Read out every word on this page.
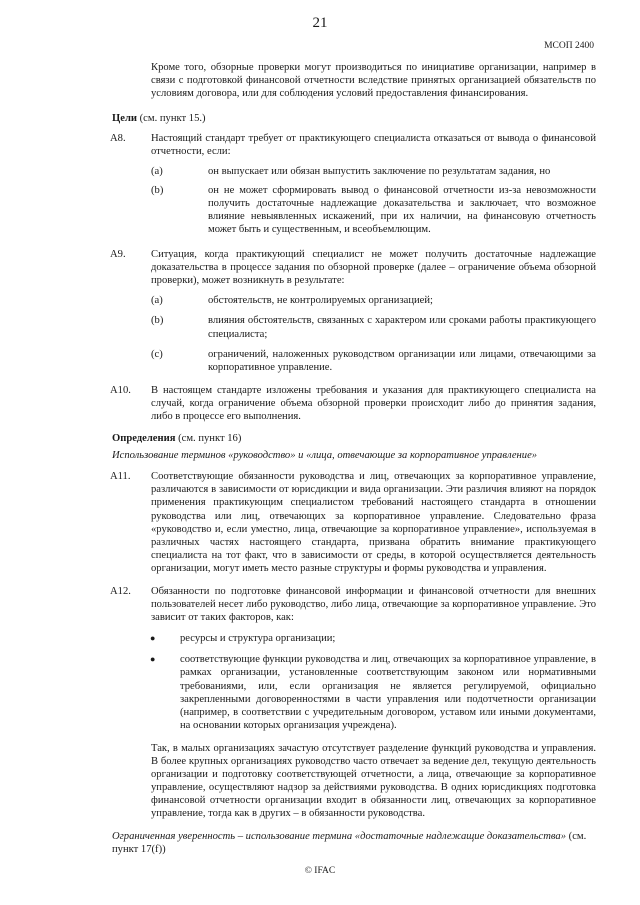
21
МСОП 2400

Кроме того, обзорные проверки могут производиться по инициативе организации, например в связи с подготовкой финансовой отчетности вследствие принятых организацией обязательств по условиям договора, или для соблюдения условий предоставления финансирования.

Цели (см. пункт 15.)

А8. Настоящий стандарт требует от практикующего специалиста отказаться от вывода о финансовой отчетности, если:

(a)	он выпускает или обязан выпустить заключение по результатам задания, но

(b)	он не может сформировать вывод о финансовой отчетности из-за невозможности получить достаточные надлежащие доказательства и заключает, что возможное влияние невыявленных искажений, при их наличии, на финансовую отчетность может быть и существенным, и всеобъемлющим.

А9. Ситуация, когда практикующий специалист не может получить достаточные надлежащие доказательства в процессе задания по обзорной проверке (далее – ограничение объема обзорной проверки), может возникнуть в результате:

(a)	обстоятельств, не контролируемых организацией;

(b)	влияния обстоятельств, связанных с характером или сроками работы практикующего специалиста;

(c)	ограничений, наложенных руководством организации или лицами, отвечающими за корпоративное управление.

А10. В настоящем стандарте изложены требования и указания для практикующего специалиста на случай, когда ограничение объема обзорной проверки происходит либо до принятия задания, либо в процессе его выполнения.

Определения (см. пункт 16)

Использование терминов «руководство» и «лица, отвечающие за корпоративное управление»

А11. Соответствующие обязанности руководства и лиц, отвечающих за корпоративное управление, различаются в зависимости от юрисдикции и вида организации. Эти различия влияют на порядок применения практикующим специалистом требований настоящего стандарта в отношении руководства или лиц, отвечающих за корпоративное управление. Следовательно фраза «руководство и, если уместно, лица, отвечающие за корпоративное управление», используемая в различных частях настоящего стандарта, призвана обратить внимание практикующего специалиста на тот факт, что в зависимости от среды, в которой осуществляется деятельность организации, могут иметь место разные структуры и формы руководства и управления.

А12. Обязанности по подготовке финансовой информации и финансовой отчетности для внешних пользователей несет либо руководство, либо лица, отвечающие за корпоративное управление. Это зависит от таких факторов, как:

● ресурсы и структура организации;

● соответствующие функции руководства и лиц, отвечающих за корпоративное управление, в рамках организации, установленные соответствующим законом или нормативными требованиями, или, если организация не является регулируемой, официально закрепленными договоренностями в части управления или подотчетности организации (например, в соответствии с учредительным договором, уставом или иными документами, на основании которых организация учреждена).

Так, в малых организациях зачастую отсутствует разделение функций руководства и управления. В более крупных организациях руководство часто отвечает за ведение дел, текущую деятельность организации и подготовку соответствующей отчетности, а лица, отвечающие за корпоративное управление, осуществляют надзор за действиями руководства. В одних юрисдикциях подготовка финансовой отчетности организации входит в обязанности лиц, отвечающих за корпоративное управление, тогда как в других – в обязанности руководства.

Ограниченная уверенность – использование термина «достаточные надлежащие доказательства» (см. пункт 17(f))

© IFAC
